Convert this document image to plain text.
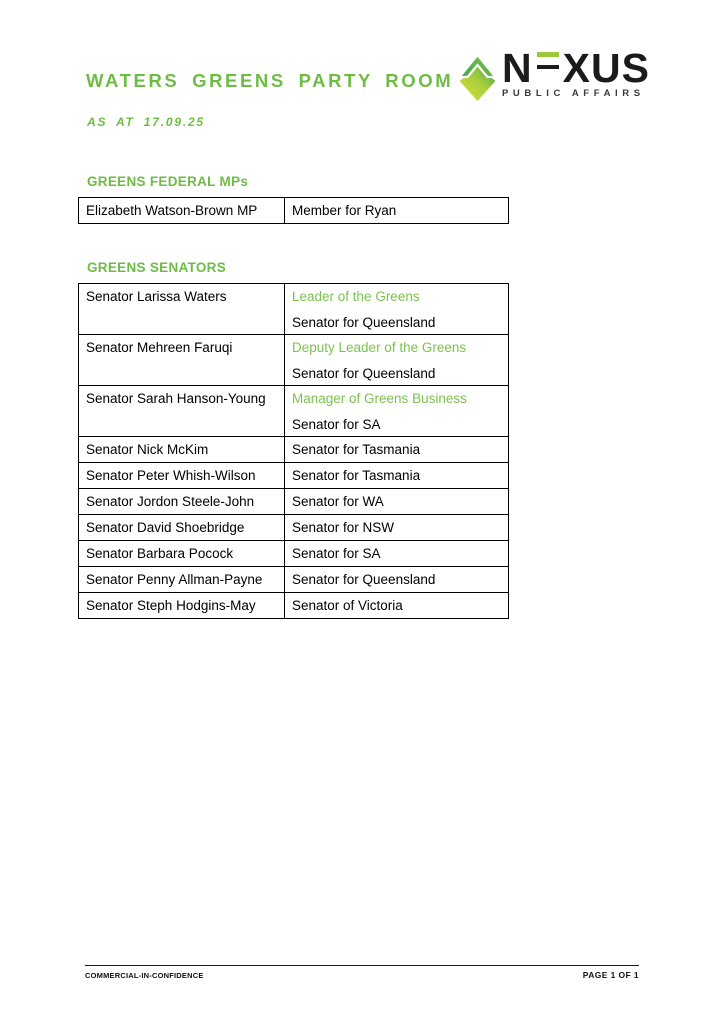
WATERS GREENS PARTY ROOM
AS AT 17.09.25
N XUS
PUBLIC AFFAIRS
GREENS FEDERAL MPs
Elizabeth Watson-Brown MP	Member for Ryan
GREENS SENATORS
Senator Larissa Waters	Leader of the Greens
Senator for Queensland

Senator Mehreen Faruqi	Deputy Leader of the Greens
Senator for Queensland

Senator Sarah Hanson-Young	Manager of Greens Business
Senator for SA

Senator Nick McKim	Senator for Tasmania

Senator Peter Whish-Wilson	Senator for Tasmania

Senator Jordon Steele-John	Senator for WA

Senator David Shoebridge	Senator for NSW

Senator Barbara Pocock	Senator for SA

Senator Penny Allman-Payne	Senator for Queensland

Senator Steph Hodgins-May	Senator of Victoria
COMMERCIAL-IN-CONFIDENCE	PAGE 1 OF 1
